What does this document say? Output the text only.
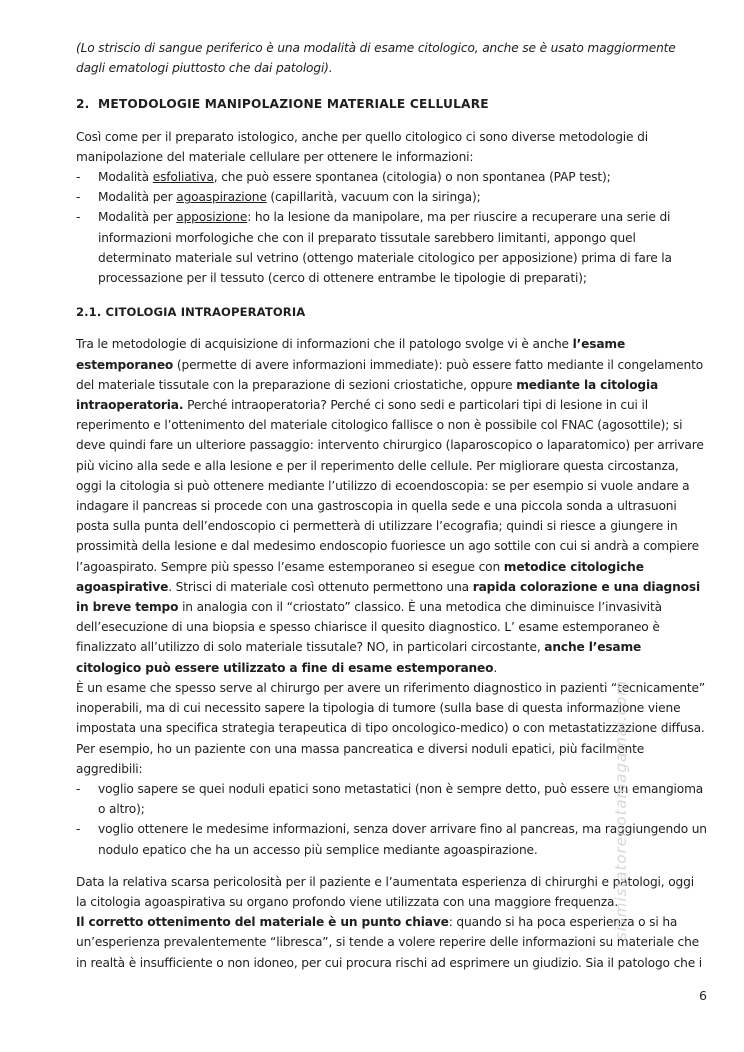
(Lo striscio di sangue periferico è una modalità di esame citologico, anche se è usato maggiormente dagli ematologi piuttosto che dai patologi).

2. METODOLOGIE MANIPOLAZIONE MATERIALE CELLULARE

Così come per il preparato istologico, anche per quello citologico ci sono diverse metodologie di manipolazione del materiale cellulare per ottenere le informazioni:

- Modalità esfoliativa, che può essere spontanea (citologia) o non spontanea (PAP test);
- Modalità per agoaspirazione (capillarità, vacuum con la siringa);
- Modalità per apposizione: ho la lesione da manipolare, ma per riuscire a recuperare una serie di informazioni morfologiche che con il preparato tissutale sarebbero limitanti, appongo quel determinato materiale sul vetrino (ottengo materiale citologico per apposizione) prima di fare la processazione per il tessuto (cerco di ottenere entrambe le tipologie di preparati);
2.1. CITOLOGIA INTRAOPERATORIA

Tra le metodologie di acquisizione di informazioni che il patologo svolge vi è anche l’esame estemporaneo (permette di avere informazioni immediate): può essere fatto mediante il congelamento del materiale tissutale con la preparazione di sezioni criostatiche, oppure mediante la citologia intraoperatoria. Perché intraoperatoria? Perché ci sono sedi e particolari tipi di lesione in cui il reperimento e l’ottenimento del materiale citologico fallisce o non è possibile col FNAC (agosottile); si deve quindi fare un ulteriore passaggio: intervento chirurgico (laparoscopico o laparatomico) per arrivare più vicino alla sede e alla lesione e per il reperimento delle cellule. Per migliorare questa circostanza, oggi la citologia si può ottenere mediante l’utilizzo di ecoendoscopia: se per esempio si vuole andare a indagare il pancreas si procede con una gastroscopia in quella sede e una piccola sonda a ultrasuoni posta sulla punta dell’endoscopio ci permetterà di utilizzare l’ecografia; quindi si riesce a giungere in prossimità della lesione e dal medesimo endoscopio fuoriesce un ago sottile con cui si andrà a compiere l’agoaspirato. Sempre più spesso l’esame estemporaneo si esegue con metodice citologiche agoaspirative. Strisci di materiale così ottenuto permettono una rapida colorazione e una diagnosi in breve tempo in analogia con il “criostato” classico. È una metodica che diminuisce l’invasività dell’esecuzione di una biopsia e spesso chiarisce il quesito diagnostico. L’ esame estemporaneo è finalizzato all’utilizzo di solo materiale tissutale? NO, in particolari circostante, anche l’esame citologico può essere utilizzato a fine di esame estemporaneo.

È un esame che spesso serve al chirurgo per avere un riferimento diagnostico in pazienti “tecnicamente” inoperabili, ma di cui necessito sapere la tipologia di tumore (sulla base di questa informazione viene impostata una specifica strategia terapeutica di tipo oncologico-medico) o con metastatizzazione diffusa. Per esempio, ho un paziente con una massa pancreatica e diversi noduli epatici, più facilmente aggredibili:

- voglio sapere se quei noduli epatici sono metastatici (non è sempre detto, può essere un emangioma o altro);
- voglio ottenere le medesime informazioni, senza dover arrivare fino al pancreas, ma raggiungendo un nodulo epatico che ha un accesso più semplice mediante agoaspirazione.

Data la relativa scarsa pericolosità per il paziente e l’aumentata esperienza di chirurghi e patologi, oggi la citologia agoaspirativa su organo profondo viene utilizzata con una maggiore frequenza.

Il corretto ottenimento del materiale è un punto chiave: quando si ha poca esperienza o si ha un’esperienza prevalentemente “libresca”, si tende a volere reperire delle informazioni su materiale che in realtà è insufficiente o non idoneo, per cui procura rischi ad esprimere un giudizio. Sia il patologo che i

sismistatorenotamagamai.com
6
